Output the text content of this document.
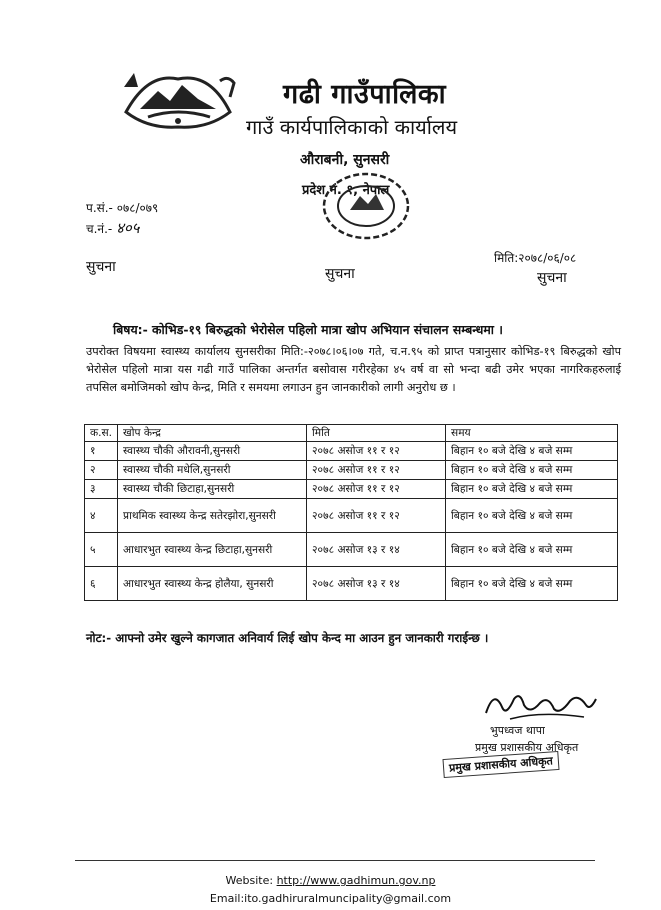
गढी गाउँपालिका
गाउँ कार्यपालिकाको कार्यालय
औराबनी, सुनसरी
प्रदेश नं. १, नेपाल
प.सं.- ०७८/०७९
च.नं.- ४०५
मिति:२०७८/०६/०८
सुचना	सुचना	सुचना
बिषय:- कोभिड-१९ बिरुद्धको भेरोसेल पहिलो मात्रा खोप अभियान संचालन सम्बन्धमा ।
उपरोक्त विषयमा स्वास्थ्य कार्यालय सुनसरीका मिति:-२०७८।०६।०७ गते, च.न.९५ को प्राप्त पत्रानुसार कोभिड-१९ बिरुद्धको खोप भेरोसेल पहिलो मात्रा यस गढी गाउँ पालिका अन्तर्गत बसोवास गरीरहेका ४५ वर्ष वा सो भन्दा बढी उमेर भएका नागरिकहरुलाई तपसिल बमोजिमको खोप केन्द्र, मिति र समयमा लगाउन हुन जानकारीको लागी अनुरोध छ ।
क.स.	खोप केन्द्र	मिति	समय
१	स्वास्थ्य चौकी औरावनी,सुनसरी	२०७८ असोज ११ र १२	बिहान १० बजे देखि ४ बजे सम्म
२	स्वास्थ्य चौकी मधेलि,सुनसरी	२०७८ असोज ११ र १२	बिहान १० बजे देखि ४ बजे सम्म
३	स्वास्थ्य चौकी छिटाहा,सुनसरी	२०७८ असोज ११ र १२	बिहान १० बजे देखि ४ बजे सम्म
४	प्राथमिक स्वास्थ्य केन्द्र सतेरझोरा,सुनसरी	२०७८ असोज ११ र १२	बिहान १० बजे देखि ४ बजे सम्म
५	आधारभुत स्वास्थ्य केन्द्र छिटाहा,सुनसरी	२०७८ असोज १३ र १४	बिहान १० बजे देखि ४ बजे सम्म
६	आधारभुत स्वास्थ्य केन्द्र होलैया, सुनसरी	२०७८ असोज १३ र १४	बिहान १० बजे देखि ४ बजे सम्म
नोट:- आफ्नो उमेर खुल्ने कागजात अनिवार्य लिई खोप केन्द मा आउन हुन जानकारी गराईन्छ ।
भुपध्वज थापा
प्रमुख प्रशासकीय अधिकृत
प्रमुख प्रशासकीय अधिकृत
Website: http://www.gadhimun.gov.np
Email:ito.gadhiruralmuncipality@gmail.com
